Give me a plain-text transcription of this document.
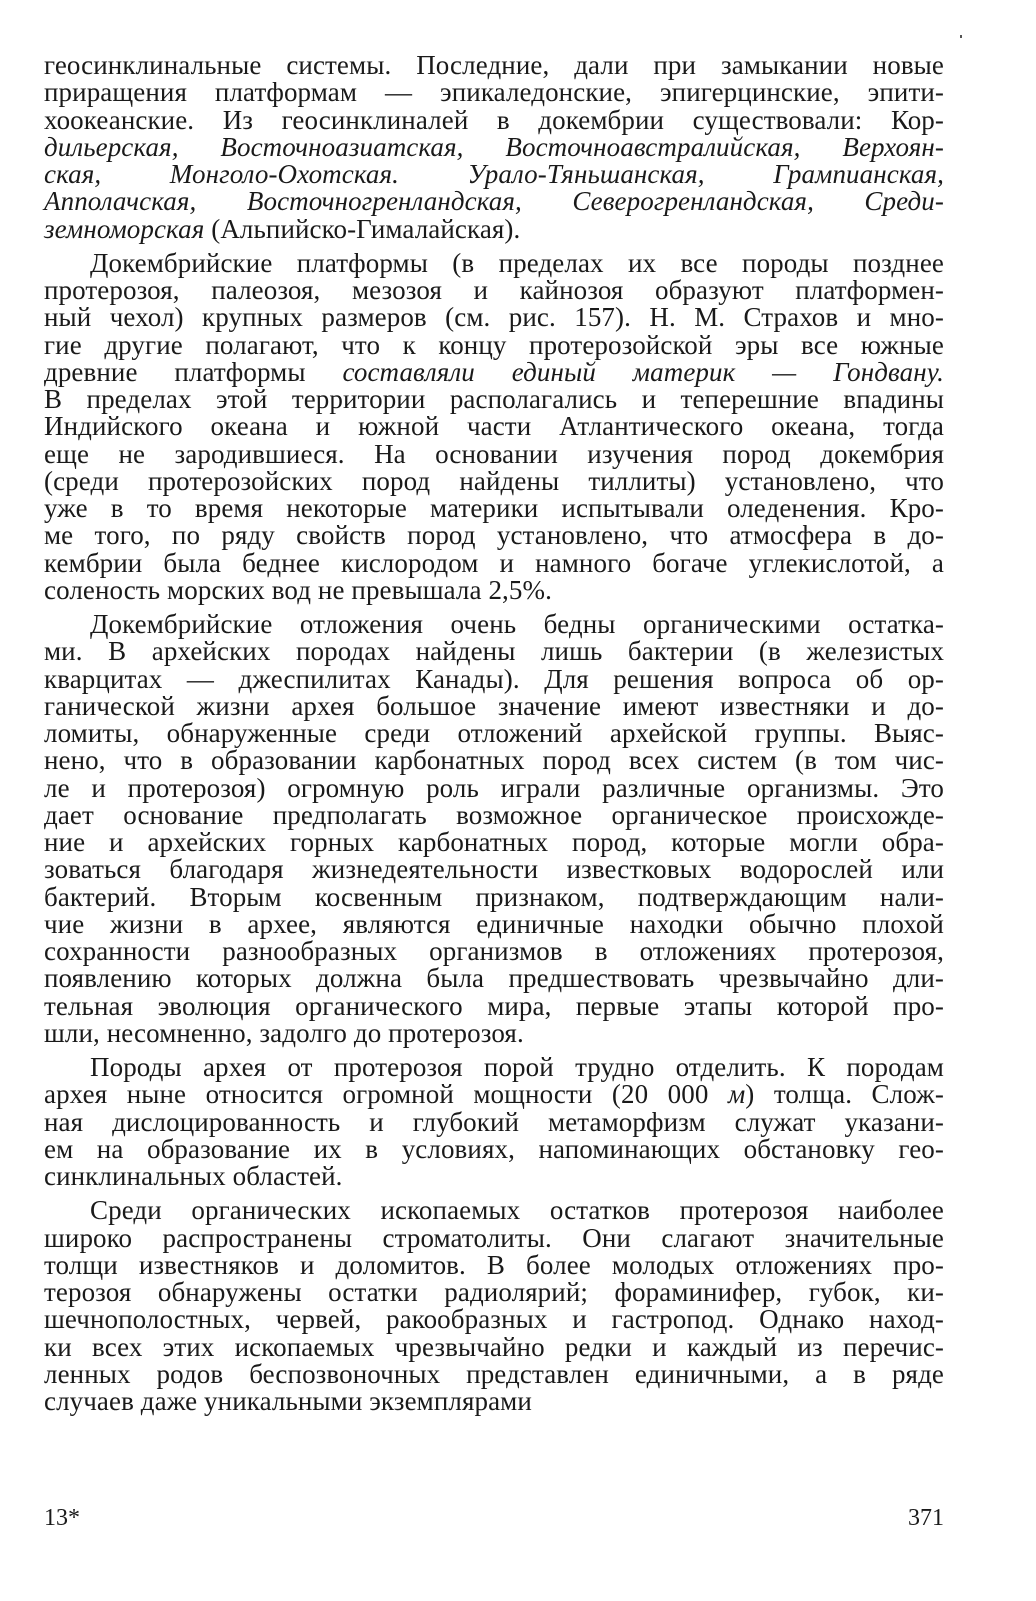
геосинклинальные системы. Последние, дали при замыкании новые
приращения платформам — эпикаледонские, эпигерцинские, эпити-
хоокеанские. Из геосинклиналей в докембрии существовали: Кор-
дильерская, Восточноазиатская, Восточноавстралийская, Верхоян-
ская, Монголо-Охотская. Урало-Тяньшанская, Грампианская,
Апполачская, Восточногренландская, Северогренландская, Среди-
земноморская (Альпийско-Гималайская).
Докембрийские платформы (в пределах их все породы позднее
протерозоя, палеозоя, мезозоя и кайнозоя образуют платформен-
ный чехол) крупных размеров (см. рис. 157). Н. М. Страхов и мно-
гие другие полагают, что к концу протерозойской эры все южные
древние платформы составляли единый материк — Гондвану.
В пределах этой территории располагались и теперешние впадины
Индийского океана и южной части Атлантического океана, тогда
еще не зародившиеся. На основании изучения пород докембрия
(среди протерозойских пород найдены тиллиты) установлено, что
уже в то время некоторые материки испытывали оледенения. Кро-
ме того, по ряду свойств пород установлено, что атмосфера в до-
кембрии была беднее кислородом и намного богаче углекислотой, а
соленость морских вод не превышала 2,5%.
Докембрийские отложения очень бедны органическими остатка-
ми. В архейских породах найдены лишь бактерии (в железистых
кварцитах — джеспилитах Канады). Для решения вопроса об ор-
ганической жизни архея большое значение имеют известняки и до-
ломиты, обнаруженные среди отложений архейской группы. Выяс-
нено, что в образовании карбонатных пород всех систем (в том чис-
ле и протерозоя) огромную роль играли различные организмы. Это
дает основание предполагать возможное органическое происхожде-
ние и архейских горных карбонатных пород, которые могли обра-
зоваться благодаря жизнедеятельности известковых водорослей или
бактерий. Вторым косвенным признаком, подтверждающим нали-
чие жизни в архее, являются единичные находки обычно плохой
сохранности разнообразных организмов в отложениях протерозоя,
появлению которых должна была предшествовать чрезвычайно дли-
тельная эволюция органического мира, первые этапы которой про-
шли, несомненно, задолго до протерозоя.
Породы архея от протерозоя порой трудно отделить. К породам
архея ныне относится огромной мощности (20 000 м) толща. Слож-
ная дислоцированность и глубокий метаморфизм служат указани-
ем на образование их в условиях, напоминающих обстановку гео-
синклинальных областей.
Среди органических ископаемых остатков протерозоя наиболее
широко распространены строматолиты. Они слагают значительные
толщи известняков и доломитов. В более молодых отложениях про-
терозоя обнаружены остатки радиолярий; фораминифер, губок, ки-
шечнополостных, червей, ракообразных и гастропод. Однако наход-
ки всех этих ископаемых чрезвычайно редки и каждый из перечис-
ленных родов беспозвоночных представлен единичными, а в ряде
случаев даже уникальными экземплярами
13*	371
